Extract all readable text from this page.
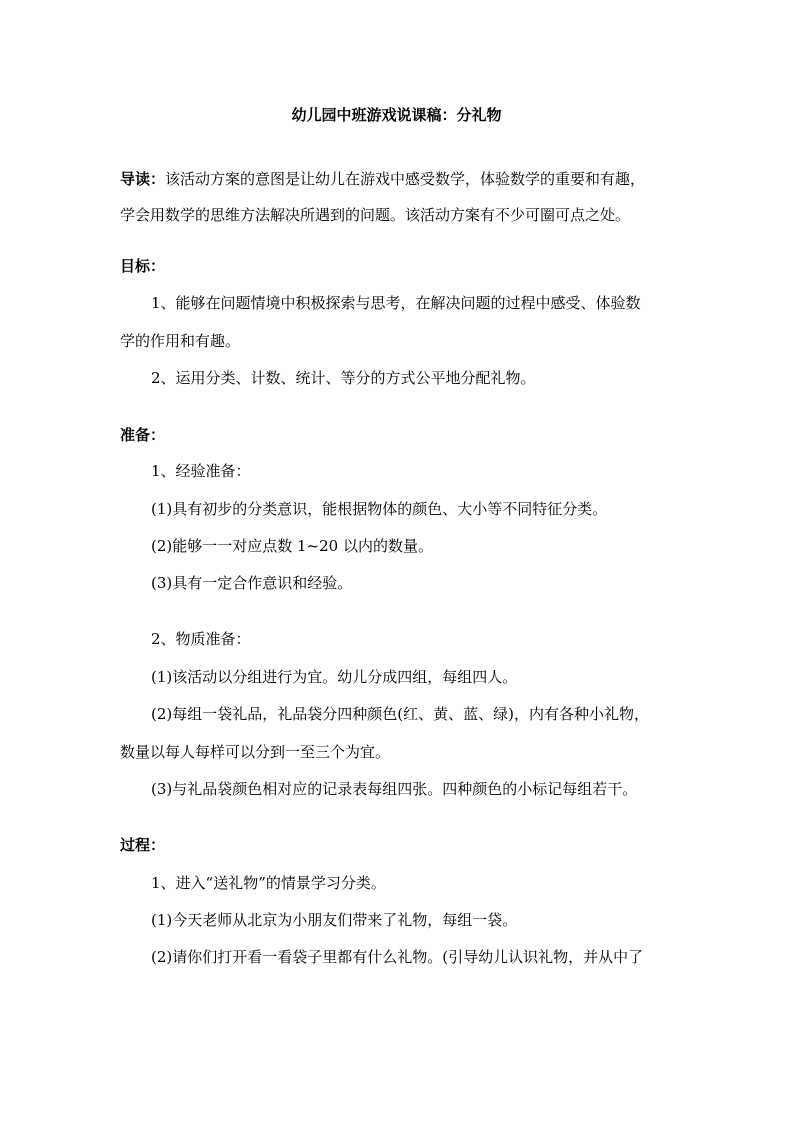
幼儿园中班游戏说课稿：分礼物
导读：该活动方案的意图是让幼儿在游戏中感受数学，体验数学的重要和有趣，
学会用数学的思维方法解决所遇到的问题。该活动方案有不少可圈可点之处。
目标：
1、能够在问题情境中积极探索与思考，在解决问题的过程中感受、体验数
学的作用和有趣。
2、运用分类、计数、统计、等分的方式公平地分配礼物。
准备：
1、经验准备：
(1)具有初步的分类意识，能根据物体的颜色、大小等不同特征分类。
(2)能够一一对应点数 1~20 以内的数量。
(3)具有一定合作意识和经验。
2、物质准备：
(1)该活动以分组进行为宜。幼儿分成四组，每组四人。
(2)每组一袋礼品，礼品袋分四种颜色(红、黄、蓝、绿)，内有各种小礼物，
数量以每人每样可以分到一至三个为宜。
(3)与礼品袋颜色相对应的记录表每组四张。四种颜色的小标记每组若干。
过程：
1、进入“送礼物”的情景学习分类。
(1)今天老师从北京为小朋友们带来了礼物，每组一袋。
(2)请你们打开看一看袋子里都有什么礼物。(引导幼儿认识礼物，并从中了
